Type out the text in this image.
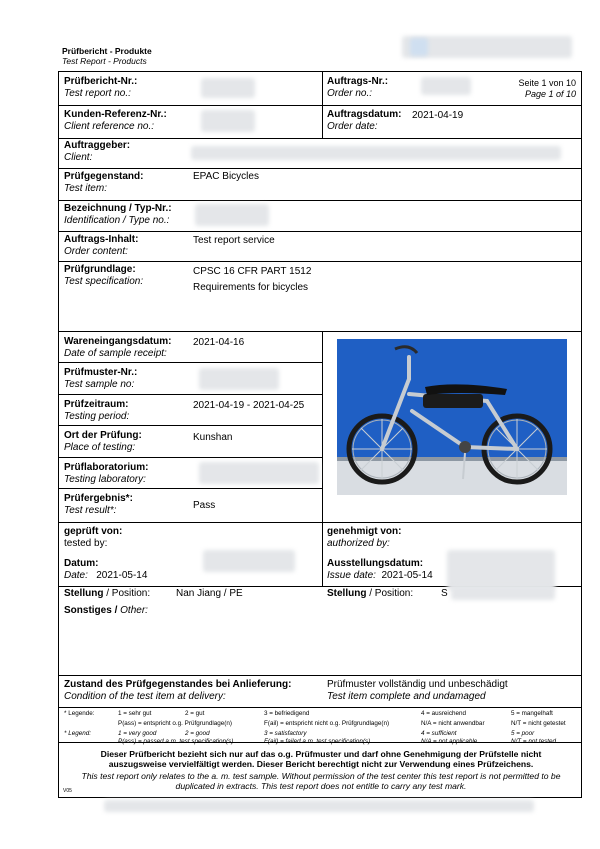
Prüfbericht - Produkte
Test Report - Products
Prüfbericht-Nr.:
Test report no.:
Auftrags-Nr.:
Order no.:
Seite 1 von 10
Page 1 of 10
Kunden-Referenz-Nr.:
Client reference no.:
Auftragsdatum:
Order date:
2021-04-19
Auftraggeber:
Client:
Prüfgegenstand:
Test item:
EPAC Bicycles
Bezeichnung / Typ-Nr.:
Identification / Type no.:
Auftrags-Inhalt:
Order content:
Test report service
Prüfgrundlage:
Test specification:
CPSC 16 CFR PART 1512
Requirements for bicycles
Wareneingangsdatum:
Date of sample receipt:
2021-04-16
Prüfmuster-Nr.:
Test sample no:
Prüfzeitraum:
Testing period:
2021-04-19 - 2021-04-25
Ort der Prüfung:
Place of testing:
Kunshan
Prüflaboratorium:
Testing laboratory:
Prüfergebnis*:
Test result*:	Pass
geprüft von:
tested by:
genehmigt von:
authorized by:
Datum:
Date: 2021-05-14
Ausstellungsdatum:
Issue date: 2021-05-14
Stellung / Position:	Nan Jiang / PE	Stellung / Position:	S
Sonstiges / Other:
Zustand des Prüfgegenstandes bei Anlieferung:
Condition of the test item at delivery:
Prüfmuster vollständig und unbeschädigt
Test item complete and undamaged
* Legende:	1 = sehr gut	2 = gut	3 = befriedigend	4 = ausreichend	5 = mangelhaft
P(ass) = entspricht o.g. Prüfgrundlage(n)	F(ail) = entspricht nicht o.g. Prüfgrundlage(n)	N/A = nicht anwendbar	N/T = nicht getestet
* Legend:	1 = very good	2 = good	3 = satisfactory	4 = sufficient	5 = poor
P(ass) = passed a.m. test specification(s)	F(ail) = failed a.m. test specification(s)	N/A = not applicable	N/T = not tested
Dieser Prüfbericht bezieht sich nur auf das o.g. Prüfmuster und darf ohne Genehmigung der Prüfstelle nicht
auszugsweise vervielfältigt werden. Dieser Bericht berechtigt nicht zur Verwendung eines Prüfzeichens.
This test report only relates to the a. m. test sample. Without permission of the test center this test report is not permitted to be
duplicated in extracts. This test report does not entitle to carry any test mark.
V05
